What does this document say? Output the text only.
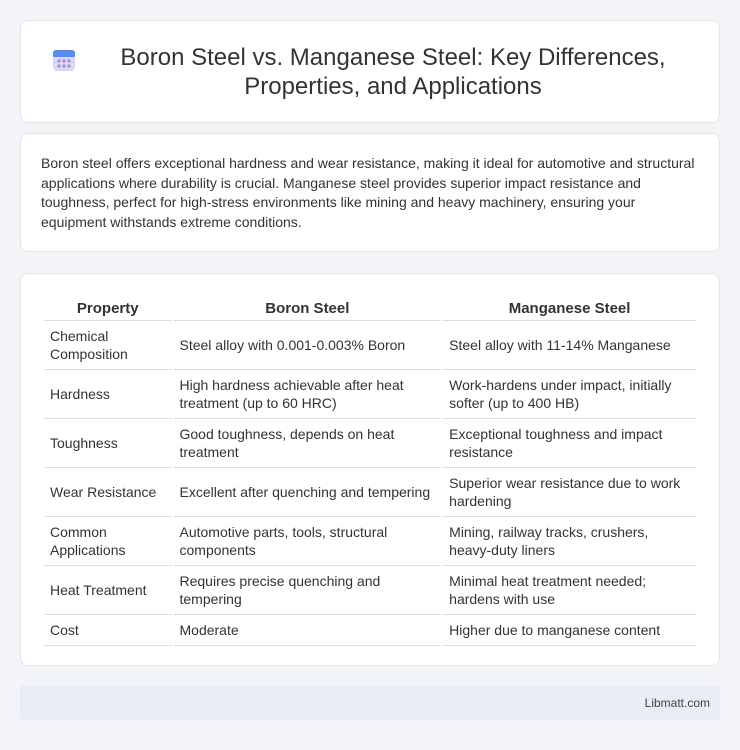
Boron Steel vs. Manganese Steel: Key Differences, Properties, and Applications

Boron steel offers exceptional hardness and wear resistance, making it ideal for automotive and structural applications where durability is crucial. Manganese steel provides superior impact resistance and toughness, perfect for high-stress environments like mining and heavy machinery, ensuring your equipment withstands extreme conditions.

Property	Boron Steel	Manganese Steel
Chemical Composition	Steel alloy with 0.001-0.003% Boron	Steel alloy with 11-14% Manganese
Hardness	High hardness achievable after heat treatment (up to 60 HRC)	Work-hardens under impact, initially softer (up to 400 HB)
Toughness	Good toughness, depends on heat treatment	Exceptional toughness and impact resistance
Wear Resistance	Excellent after quenching and tempering	Superior wear resistance due to work hardening
Common Applications	Automotive parts, tools, structural components	Mining, railway tracks, crushers, heavy-duty liners
Heat Treatment	Requires precise quenching and tempering	Minimal heat treatment needed; hardens with use
Cost	Moderate	Higher due to manganese content
Libmatt.com
